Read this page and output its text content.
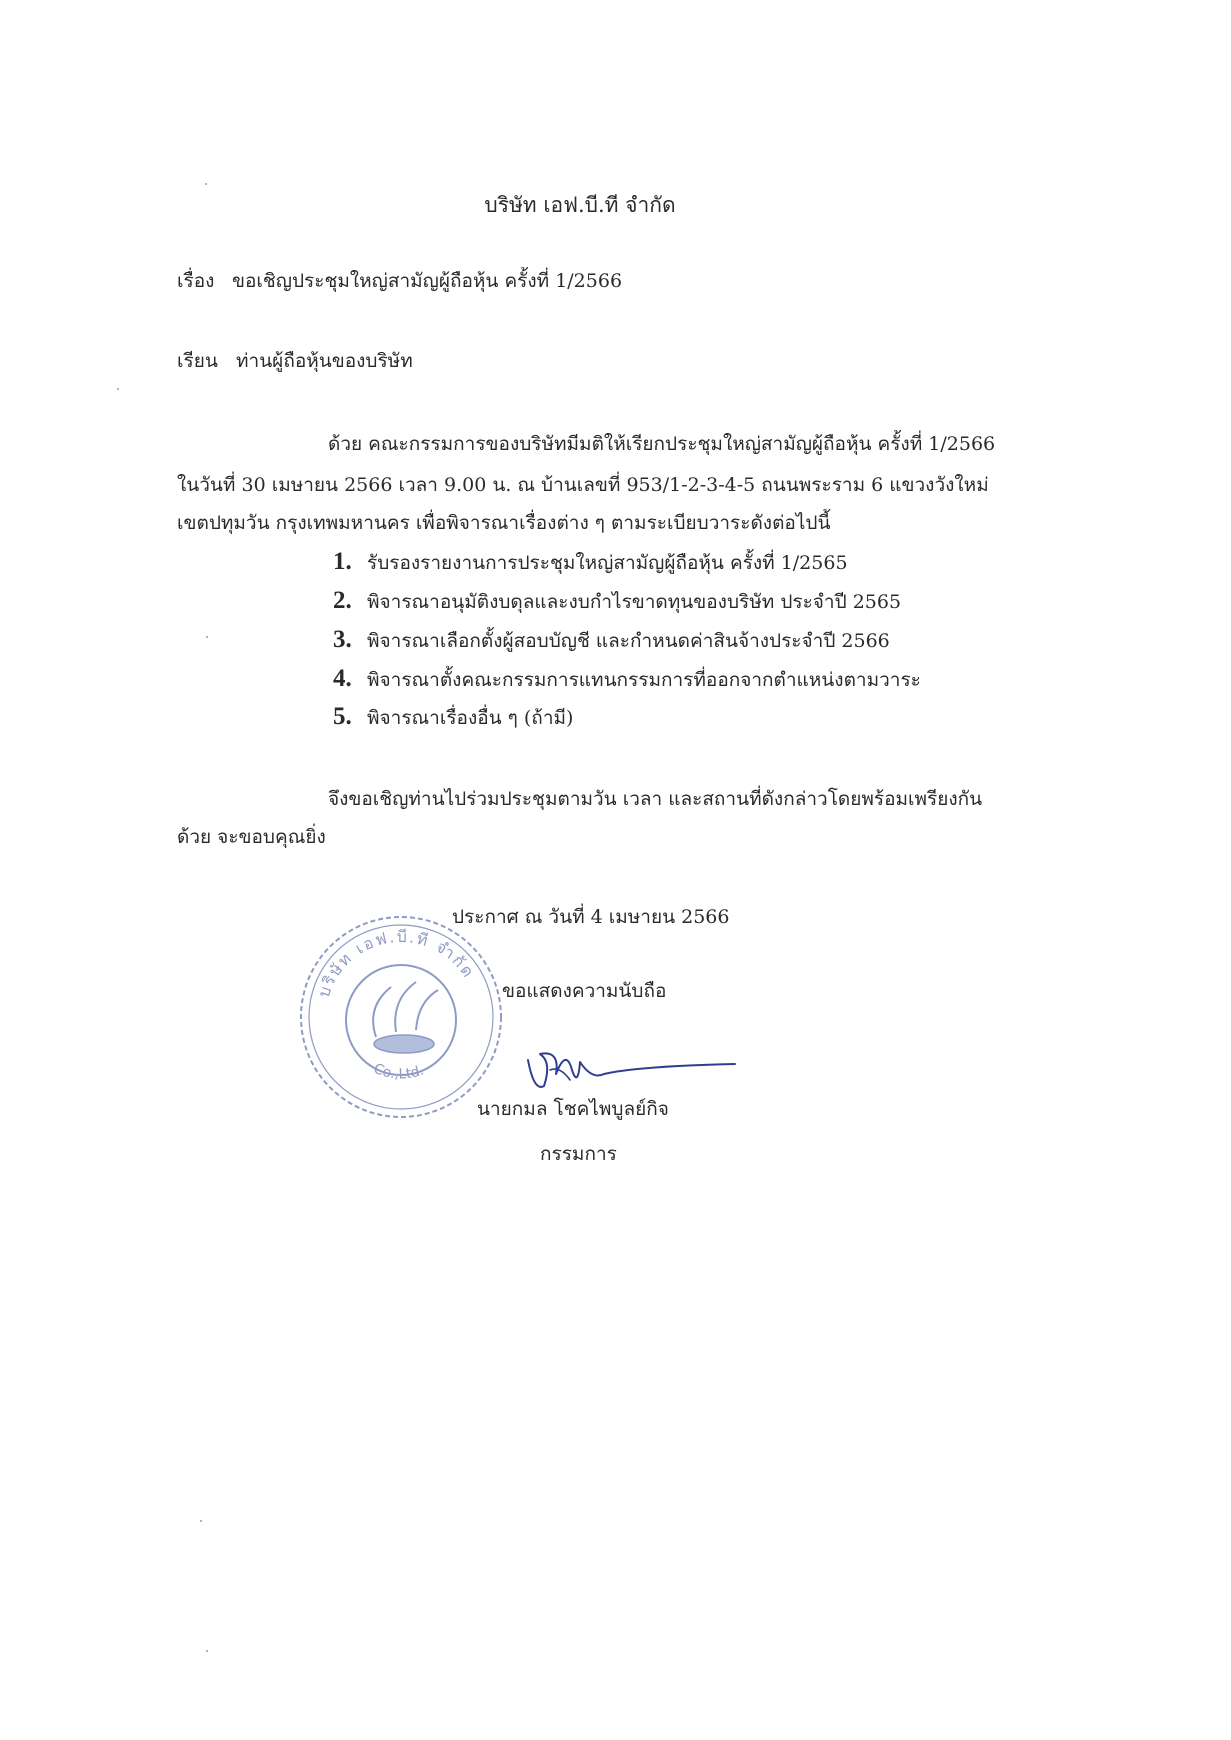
บริษัท เอฟ.บี.ที จำกัด
เรื่อง ขอเชิญประชุมใหญ่สามัญผู้ถือหุ้น ครั้งที่ 1/2566
เรียน ท่านผู้ถือหุ้นของบริษัท
ด้วย คณะกรรมการของบริษัทมีมติให้เรียกประชุมใหญ่สามัญผู้ถือหุ้น ครั้งที่ 1/2566
ในวันที่ 30 เมษายน 2566 เวลา 9.00 น. ณ บ้านเลขที่ 953/1-2-3-4-5 ถนนพระราม 6 แขวงวังใหม่
เขตปทุมวัน กรุงเทพมหานคร เพื่อพิจารณาเรื่องต่าง ๆ ตามระเบียบวาระดังต่อไปนี้
1. รับรองรายงานการประชุมใหญ่สามัญผู้ถือหุ้น ครั้งที่ 1/2565
2. พิจารณาอนุมัติงบดุลและงบกำไรขาดทุนของบริษัท ประจำปี 2565
3. พิจารณาเลือกตั้งผู้สอบบัญชี และกำหนดค่าสินจ้างประจำปี 2566
4. พิจารณาตั้งคณะกรรมการแทนกรรมการที่ออกจากตำแหน่งตามวาระ
5. พิจารณาเรื่องอื่น ๆ (ถ้ามี)
จึงขอเชิญท่านไปร่วมประชุมตามวัน เวลา และสถานที่ดังกล่าวโดยพร้อมเพรียงกัน
ด้วย จะขอบคุณยิ่ง
บริษัท เอฟ.บี.ที จำกัด
Co.,Ltd.
ประกาศ ณ วันที่ 4 เมษายน 2566
ขอแสดงความนับถือ
นายกมล โชคไพบูลย์กิจ
กรรมการ
